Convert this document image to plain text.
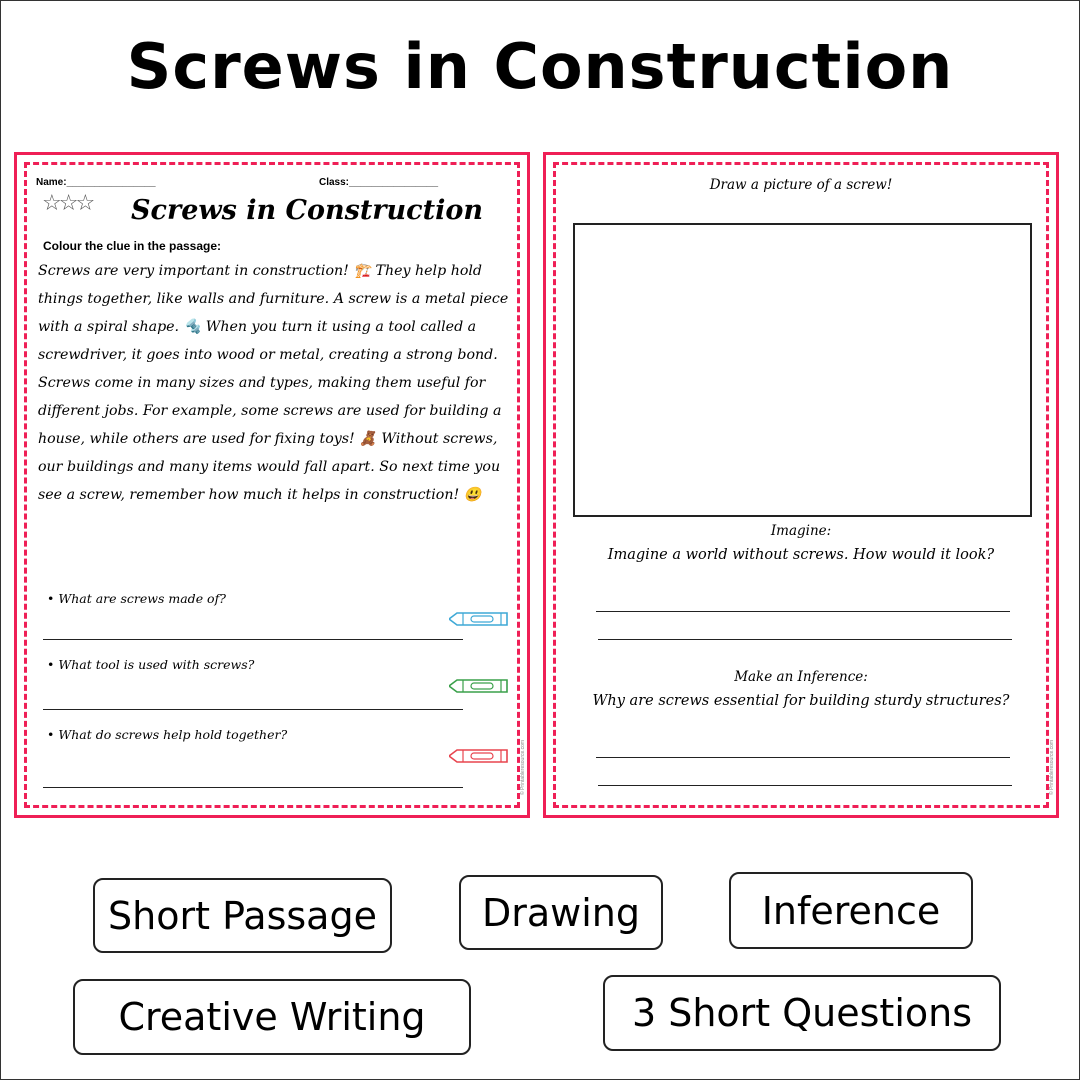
Screws in Construction
Name:________________	Class:________________
☆☆☆	Screws in Construction
Colour the clue in the passage:
Screws are very important in construction! 🏗️ They help hold
things together, like walls and furniture. A screw is a metal piece
with a spiral shape. 🔩 When you turn it using a tool called a
screwdriver, it goes into wood or metal, creating a strong bond.
Screws come in many sizes and types, making them useful for
different jobs. For example, some screws are used for building a
house, while others are used for fixing toys! 🧸 Without screws,
our buildings and many items would fall apart. So next time you
see a screw, remember how much it helps in construction! 😃
• What are screws made of?
• What tool is used with screws?
• What do screws help hold together?
© Printableresource.com
Draw a picture of a screw!
Imagine:
Imagine a world without screws. How would it look?
Make an Inference:
Why are screws essential for building sturdy structures?
© Printableresource.com
Short Passage	Drawing	Inference
Creative Writing	3 Short Questions
